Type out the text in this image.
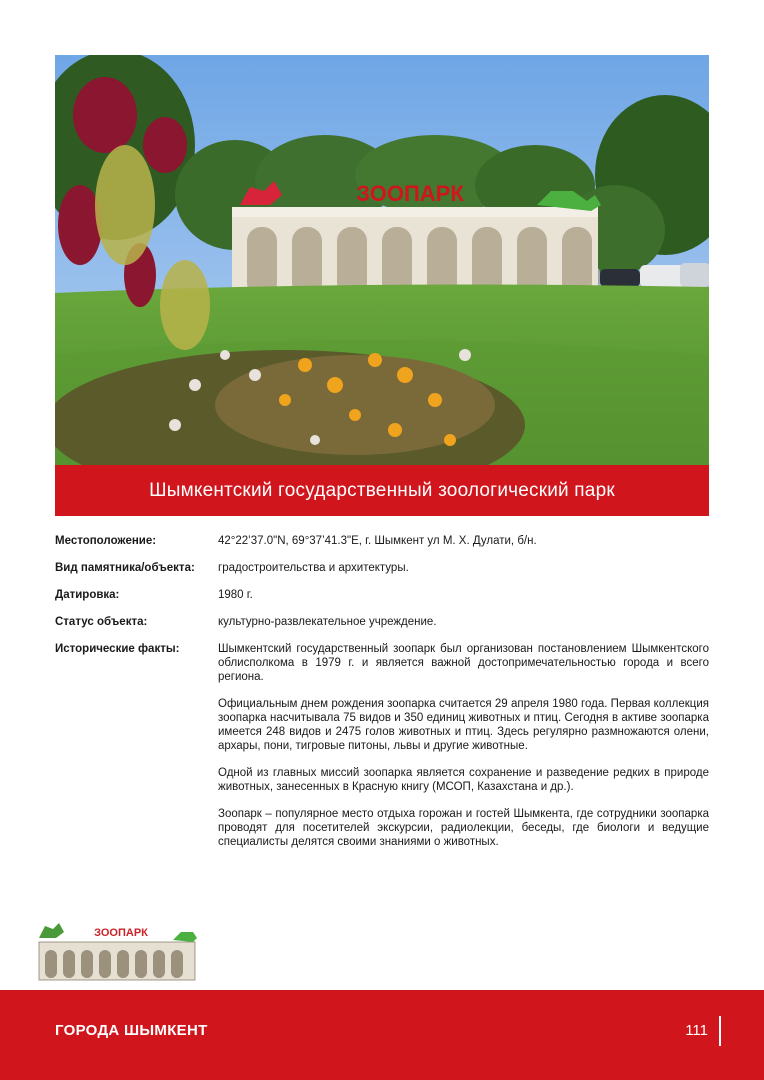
ЗООПАРК
Шымкентский государственный зоологический парк
Местоположение:	42°22’37.0"N, 69°37’41.3"E, г. Шымкент ул М. Х. Дулати, б/н.
Вид памятника/объекта:	градостроительства и архитектуры.
Датировка:	1980 г.
Статус объекта:	культурно-развлекательное учреждение.
Исторические факты:	Шымкентский государственный зоопарк был организован постановлением Шымкентского облисполкома в 1979 г. и является важной достопримечательностью города и всего региона.

Официальным днем рождения зоопарка считается 29 апреля 1980 года. Первая коллекция зоопарка насчитывала 75 видов и 350 единиц животных и птиц. Сегодня в активе зоопарка имеется 248 видов и 2475 голов животных и птиц. Здесь регулярно размножаются олени, архары, пони, тигровые питоны, львы и другие животные.

Одной из главных миссий зоопарка является сохранение и разведение редких в природе животных, занесенных в Красную книгу (МСОП, Казахстана и др.).

Зоопарк – популярное место отдыха горожан и гостей Шымкента, где сотрудники зоопарка проводят для посетителей экскурсии, радиолекции, беседы, где биологи и ведущие специалисты делятся своими знаниями о животных.

ЗООПАРК
ГОРОДА ШЫМКЕНТ	111
